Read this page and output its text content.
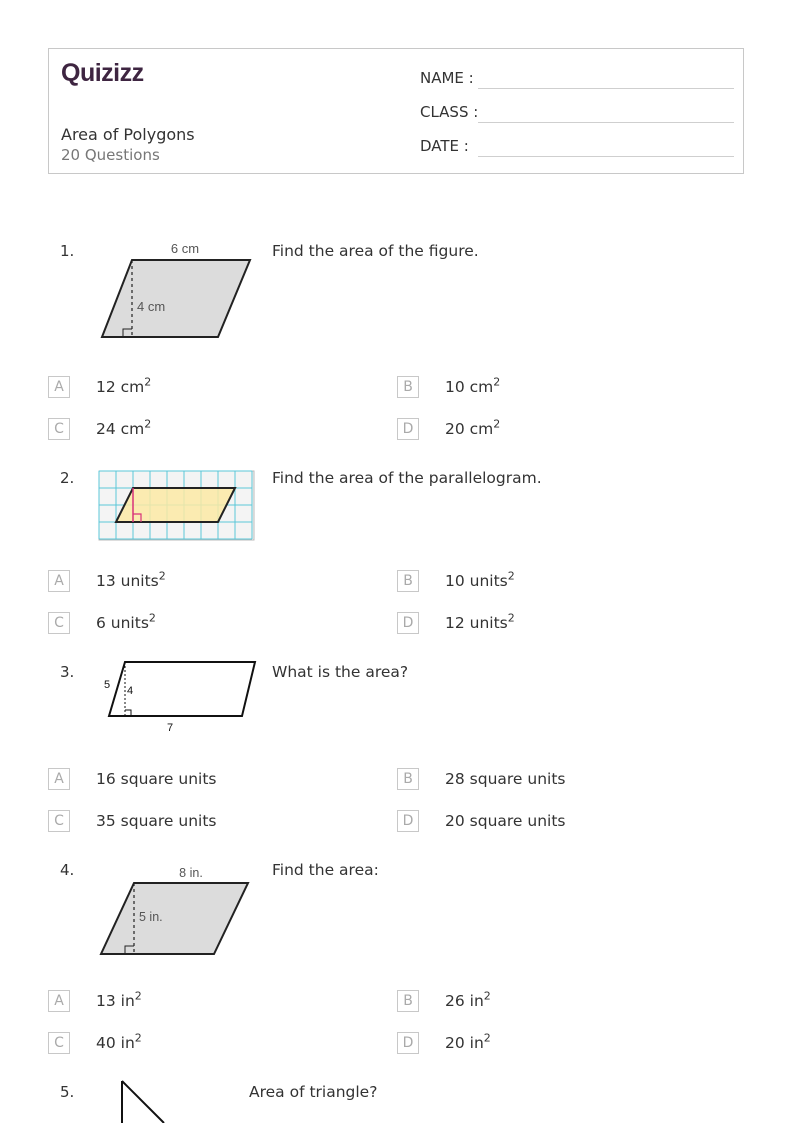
Quizizz
Area of Polygons
20 Questions
NAME :
CLASS :
DATE :
1.	Find the area of the figure.
6 cm
4 cm
A	12 $cm^2$	B	10 $cm^2$
C	24 $cm^2$	D	20 $cm^2$
2.	Find the area of the parallelogram.
A	13 units$^2$	B	10 units$^2$
C	6 units$^2$	D	12 units$^2$
3.	What is the area?
5 4
7
A	16 square units	B	28 square units
C	35 square units	D	20 square units
4.	Find the area:
8 in.
5 in.
A	13 $in^2$	B	26 $in^2$
C	40 $in^2$	D	20 $in^2$
5.	Area of triangle?
